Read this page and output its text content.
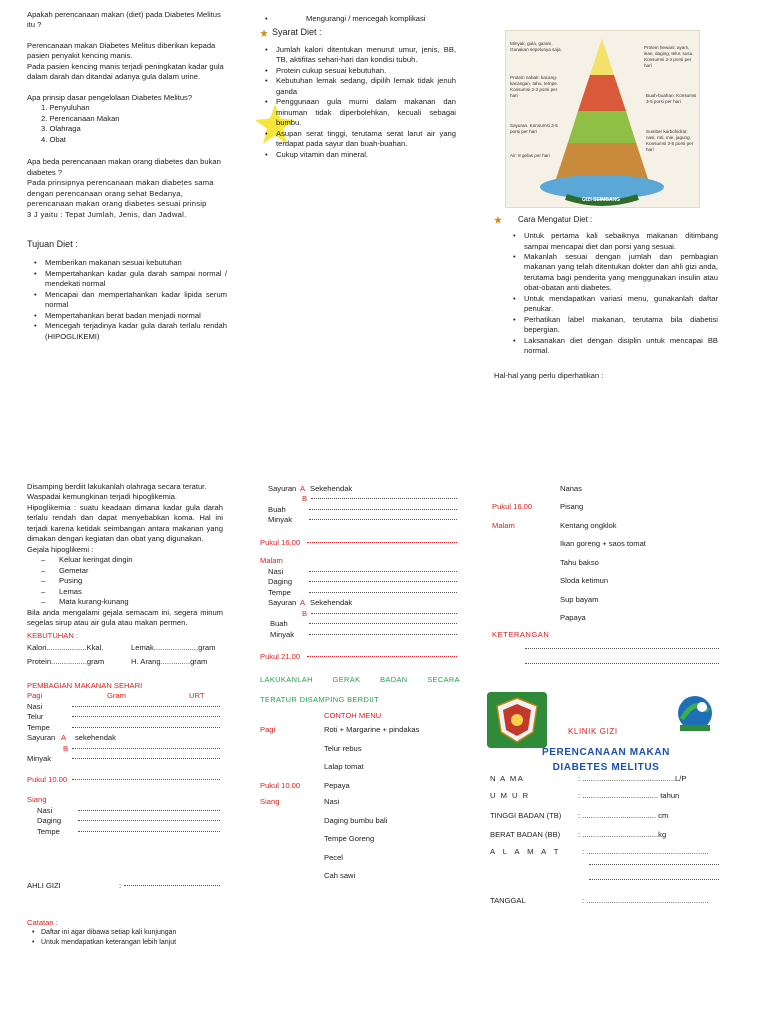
Apakah perencanaan makan (diet) pada Diabetes Melitus itu ?
Perencanaan makan Diabetes Melitus diberikan kepada pasien penyakit kencing manis.
Pada pasien kencing manis terjadi peningkatan kadar gula dalam darah dan ditandai adanya gula dalam urine.
Apa prinsip dasar pengelolaan Diabetes Melitus?
1. Penyuluhan
2. Perencanaan Makan
3. Olahraga
4. Obat
Apa beda perencanaan makan orang diabetes dan bukan diabetes ?
Pada prinsipnya perencanaan makan diabetes sama dengan perencanaan orang sehat Bedanya, perencanaan makan orang diabetes sesuai prinsip
3 J yaitu : Tepat Jumlah, Jenis, dan Jadwal.
Tujuan Diet :
• Memberikan makanan sesuai kebutuhan
• Mempertahankan kadar gula darah sampai normal / mendekati normal
• Mencapai dan mempertahankan kadar lipida serum normal
• Mempertahankan berat badan menjadi normal
• Mencegah terjadinya kadar gula darah terlalu rendah (HIPOGLIKEMI)
• Mengurangi / mencegah komplikasi
Syarat Diet :
• Jumlah kalori ditentukan menurut umur, jenis, BB, TB, aktifitas sehari-hari dan kondisi tubuh.
• Protein cukup sesuai kebutuhan.
• Kebutuhan lemak sedang, dipilih lemak tidak jenuh ganda
• Penggunaan gula murni dalam makanan dan minuman tidak diperbolehkan, kecuali sebagai bumbu.
• Asupan serat tinggi, terutama serat larut air yang terdapat pada sayur dan buah-buahan.
• Cukup vitamin dan mineral.
Minyak, gula, garam. Gunakan sepelunya saja.	Protein hewani: ayam, ikan, daging, telur, susu. Konsumsi 2-3 porsi per hari
Protein nabati: kacang-kacangan, tahu, tempe. Konsumsi 2-3 porsi per hari	Buah-buahan. Konsumsi 3-5 porsi per hari
Sayuran. Konsumsi 3-5 porsi per hari	Sumber karbohidrat: nasi, roti, mie, jagung. Konsumsi 3-8 porsi per hari
Air: 8 gelas per hari
GIZI SEIMBANG
Cara Mengatur Diet :
• Untuk pertama kali sebaiknya makanan ditimbang sampai mencapai diet dan porsi yang sesuai.
• Makanlah sesuai dengan jumlah dan pembagian makanan yang telah ditentukan dokter dan ahli gizi anda, terutama bagi penderita yang menggunakan insulin atau obat-obatan anti diabetes.
• Untuk mendapatkan variasi menu, gunakanlah daftar penukar.
• Perhatikan label makanan, terutama bila diabetisi bepergian.
• Laksanakan diet dengan disiplin untuk mencapai BB normal.
Hal-hal yang perlu diperhatikan :
Disamping berdiit lakukanlah olahraga secara teratur.
Waspadai kemungkinan terjadi hipoglikemia.
Hipoglikemia : suatu keadaan dimana kadar gula darah terlalu rendah dan dapat menyebabkan koma. Hal ini terjadi karena ketidak seimbangan antara makanan yang dimakan dengan kegiatan dan obat yang digunakan.
Gejala hipoglikemi :
– Keluar keringat dingin
– Gemetar
– Pusing
– Lemas
– Mata kurang-kunang
Bila anda mengalami gejala semacam ini, segera minum segelas sirup atau air gula atau makan permen.
KEBUTUHAN :
Kalori...................Kkal.	Lemak.....................gram
Protein.................gram	H. Arang..............gram
PEMBAGIAN MAKANAN SEHARI
Pagi	Gram	URT
Nasi
Telur
Tempe
Sayuran A	sekehendak
B
Minyak
Pukul 10.00
Siang
Nasi
Daging
Tempe
AHLI GIZI	:
Catatan :
• Daftar ini agar dibawa setiap kali kunjungan
• Untuk mendapatkan keterangan lebih lanjut
Sayuran A Sekehendak
B
Buah
Minyak
Pukul 16.00
Malam
Nasi
Daging
Tempe
Sayuran A Sekehendak
B
Buah
Minyak
Pukul 21.00
LAKUKANLAH GERAK BADAN SECARA
TERATUR DISAMPING BERDIIT
CONTOH MENU
Pagi	Roti + Margarine + pindakas
Telur rebus
Lalap tomat
Pukul 10.00	Pepaya
Siang	Nasi
Daging bumbu bali
Tempe Goreng
Pecel
Cah sawi
Nanas
Pukul 16.00	Pisang
Malam	Kentang ongklok
Ikan goreng + saos tomat
Tahu bakso
Sloda ketimun
Sup bayam
Papaya
KETERANGAN
KLINIK GIZI
PERENCANAAN MAKAN
DIABETES MELITUS
N A MA	: ............................................L/P
U M U R	: .................................... tahun
TINGGI BADAN (TB)	: ................................... cm
BERAT BADAN (BB)	: ....................................kg
A L A M A T	: ..........................................................
TANGGAL	: ..........................................................
